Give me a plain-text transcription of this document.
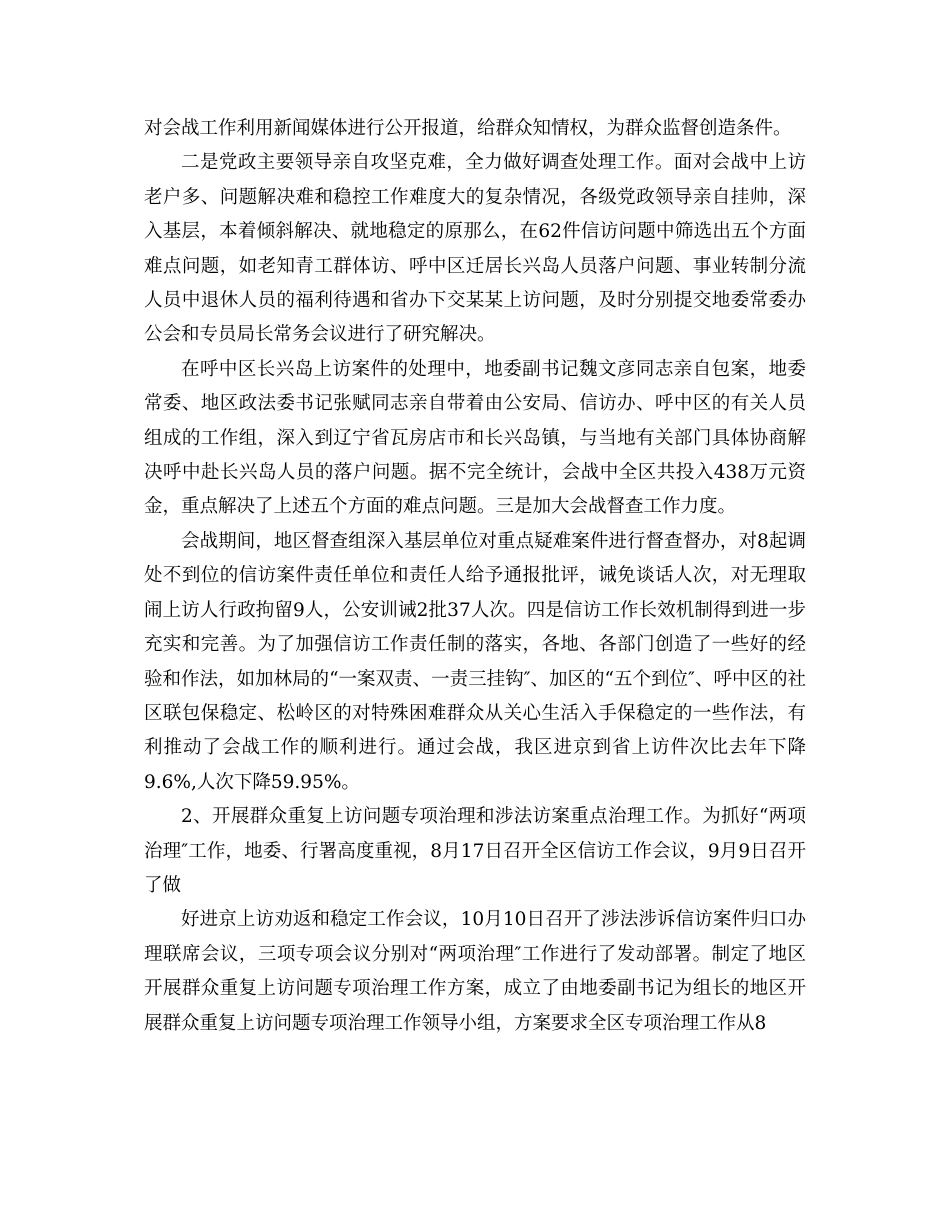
对会战工作利用新闻媒体进行公开报道，给群众知情权，为群众监督创造条件。

二是党政主要领导亲自攻坚克难，全力做好调查处理工作。面对会战中上访老户多、问题解决难和稳控工作难度大的复杂情况，各级党政领导亲自挂帅，深入基层，本着倾斜解决、就地稳定的原那么，在62件信访问题中筛选出五个方面难点问题，如老知青工群体访、呼中区迁居长兴岛人员落户问题、事业转制分流人员中退休人员的福利待遇和省办下交某某上访问题，及时分别提交地委常委办公会和专员局长常务会议进行了研究解决。

在呼中区长兴岛上访案件的处理中，地委副书记魏文彦同志亲自包案，地委常委、地区政法委书记张赋同志亲自带着由公安局、信访办、呼中区的有关人员组成的工作组，深入到辽宁省瓦房店市和长兴岛镇，与当地有关部门具体协商解决呼中赴长兴岛人员的落户问题。据不完全统计，会战中全区共投入438万元资金，重点解决了上述五个方面的难点问题。三是加大会战督查工作力度。

会战期间，地区督查组深入基层单位对重点疑难案件进行督查督办，对8起调处不到位的信访案件责任单位和责任人给予通报批评，诫免谈话人次，对无理取闹上访人行政拘留9人，公安训诫2批37人次。四是信访工作长效机制得到进一步充实和完善。为了加强信访工作责任制的落实，各地、各部门创造了一些好的经验和作法，如加林局的“一案双责、一责三挂钩″、加区的“五个到位″、呼中区的社区联包保稳定、松岭区的对特殊困难群众从关心生活入手保稳定的一些作法，有利推动了会战工作的顺利进行。通过会战，我区进京到省上访件次比去年下降9.6%,人次下降59.95%。

2、开展群众重复上访问题专项治理和涉法访案重点治理工作。为抓好“两项治理″工作，地委、行署高度重视，8月17日召开全区信访工作会议，9月9日召开了做

好进京上访劝返和稳定工作会议，10月10日召开了涉法涉诉信访案件归口办理联席会议，三项专项会议分别对“两项治理″工作进行了发动部署。制定了地区开展群众重复上访问题专项治理工作方案，成立了由地委副书记为组长的地区开展群众重复上访问题专项治理工作领导小组，方案要求全区专项治理工作从8
